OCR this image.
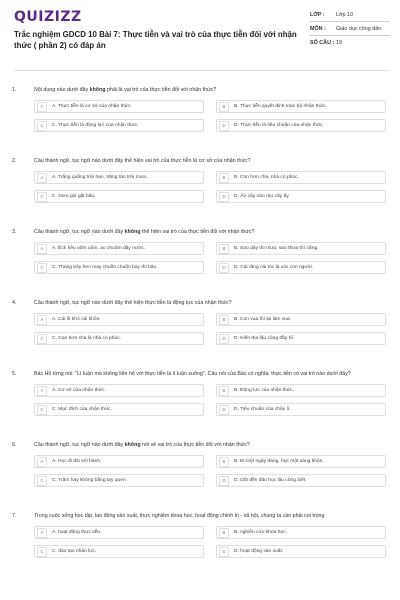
QUIZIZZ
Trắc nghiệm GDCD 10 Bài 7: Thực tiễn và vai trò của thực tiễn đối với nhận thức ( phần 2) có đáp án
LỚP :	Lớp 10
MÔN :	Giáo dục công dân
SỐ CÂU : 19
1.	Nội dung nào dưới đây không phải là vai trò của thực tiễn đối với nhận thức?
A	A. Thực tiễn là cơ sở của nhận thức.	B	B. Thực tiễn quyết định toàn bộ nhận thức.
C	C. Thực tiễn là động lực của nhận thức.	D	D. Thực tiễn là tiêu chuẩn của nhận thức.
2.	Câu thành ngữ, tục ngữ nào dưới đây thể hiện vai trò của thực tiễn là cơ sở của nhận thức?
A	A. Trăng quầng trời hạn, trăng tán trời mưa.	B	B. Con hơn cha, nhà có phúc.
C	C. Gieo gió gặt bão.	D	D. Ăn cây nào rào cây ấy.
3.	Câu thành ngữ, tục ngữ nào dưới đây không thể hiện vai trò của thực tiễn đối với nhận thức?
A	A. Ếch kêu uôm uôm, ao chuôm đầy nước.	B	B. Sao dày thì mưa, sao thưa thì nắng.
C	C. Tháng bảy heo may chuồn chuồn bay thì bão.	D	D. Cái răng cái tóc là vóc con người.
4.	Câu thành ngữ, tục ngữ nào dưới đây thể hiện thực tiễn là động lực của nhận thức?
A	A. Cái lõ khó cái khôn.	B	B. Con vua thì lại làm vua.
C	C. Con hơn cha là nhà có phúc.	D	D. Kiến tha lâu cũng đầy tổ.
5.	Bác Hồ từng nói: "Lí luận mà không liên hệ với thực tiễn là lí luận suông". Câu nói của Bác có nghĩa: thực tiễn có vai trò nào dưới đây?
A	A. Cơ sở của nhận thức.	B	B. Động lực của nhận thức.
C	C. Mục đích của nhận thức.	D	D. Tiêu chuẩn của chân lí.
6.	Câu thành ngữ, tục ngữ nào dưới đây không nói về vai trò của thực tiễn đối với nhận thức?
A	A. Học đi đôi với hành.	B	B. Đi một ngày đàng, học một sàng khôn.
C	C. Trăm hay không bằng tay quen.	D	D. Dốt đến đâu học lâu cũng biết.
7.	Trong cuộc sống học tập, lao động sản xuất, thực nghiệm khoa học, hoạt động chính trị - xã hội, chúng ta cần phải coi trọng
A	A. hoạt động thực tiễn.	B	B. nghiên cứu khoa học.
C	C. đào tạo nhân lực.	D	D. hoạt động sản xuất.
